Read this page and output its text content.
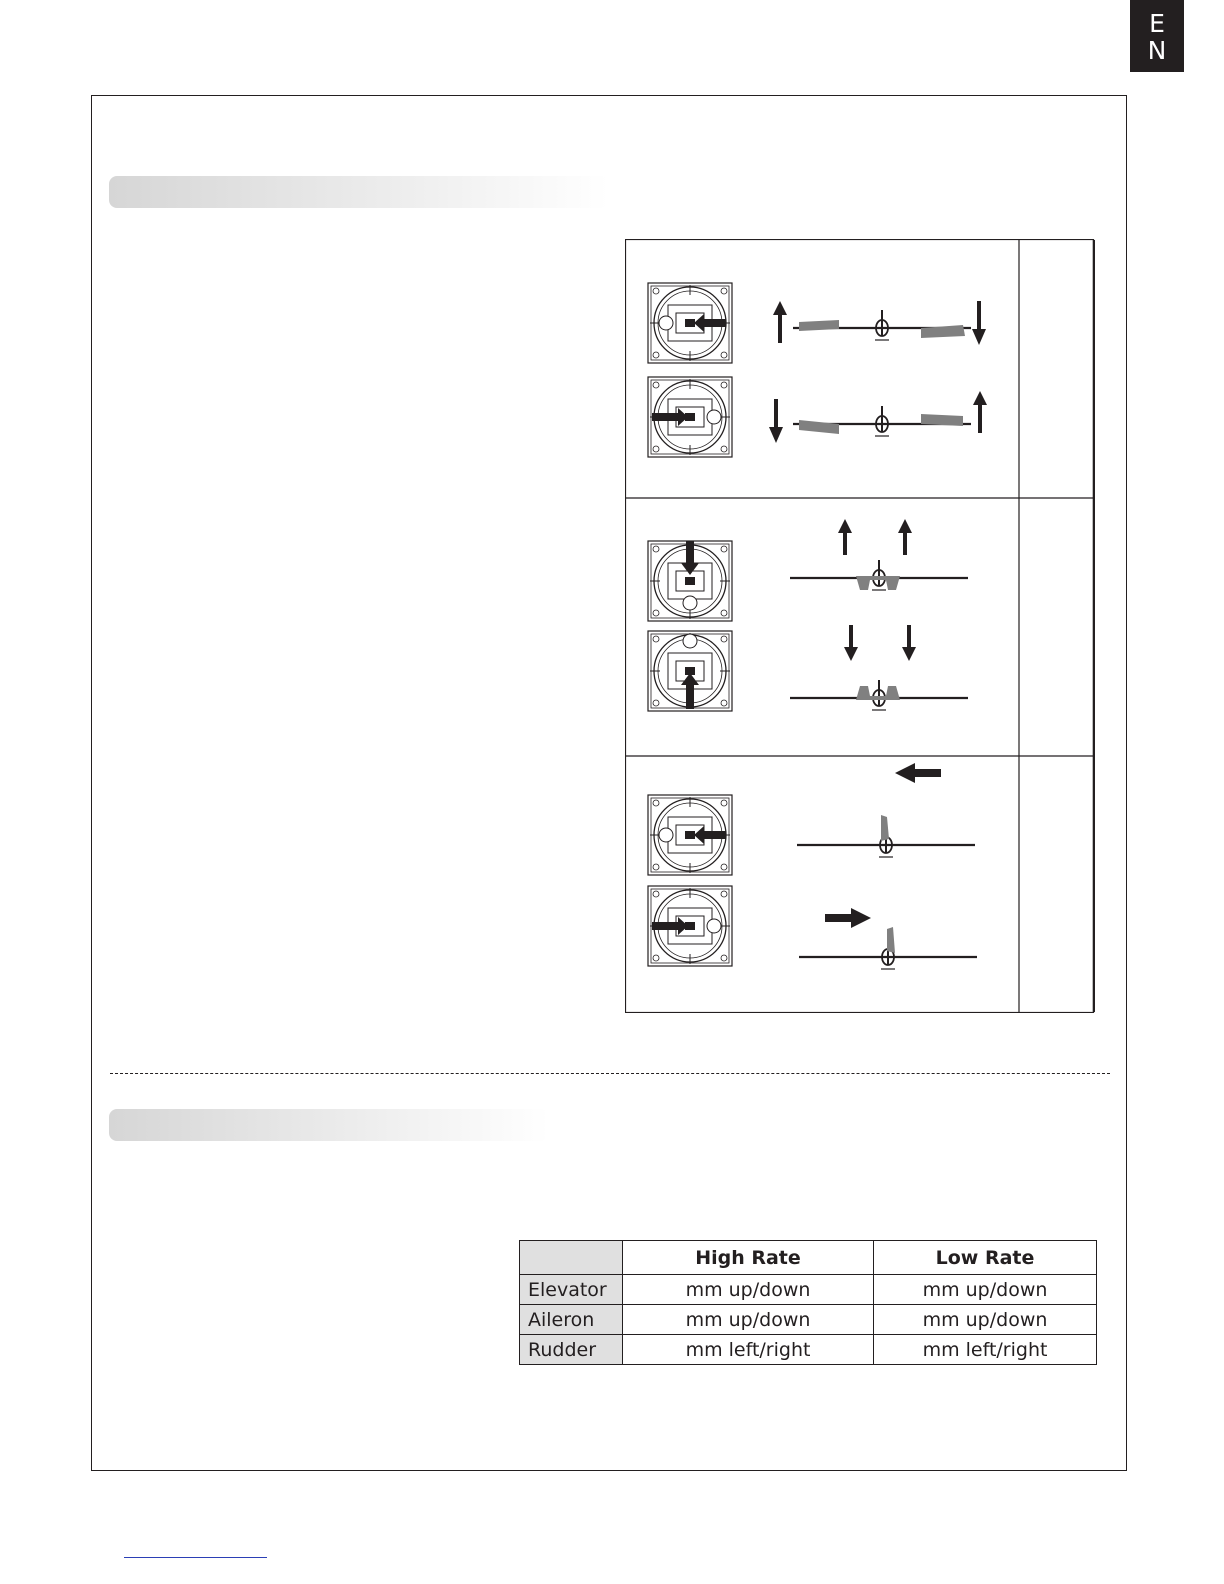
E
N
	High Rate	Low Rate
Elevator	mm up/down	mm up/down
Aileron	mm up/down	mm up/down
Rudder	mm left/right	mm left/right
